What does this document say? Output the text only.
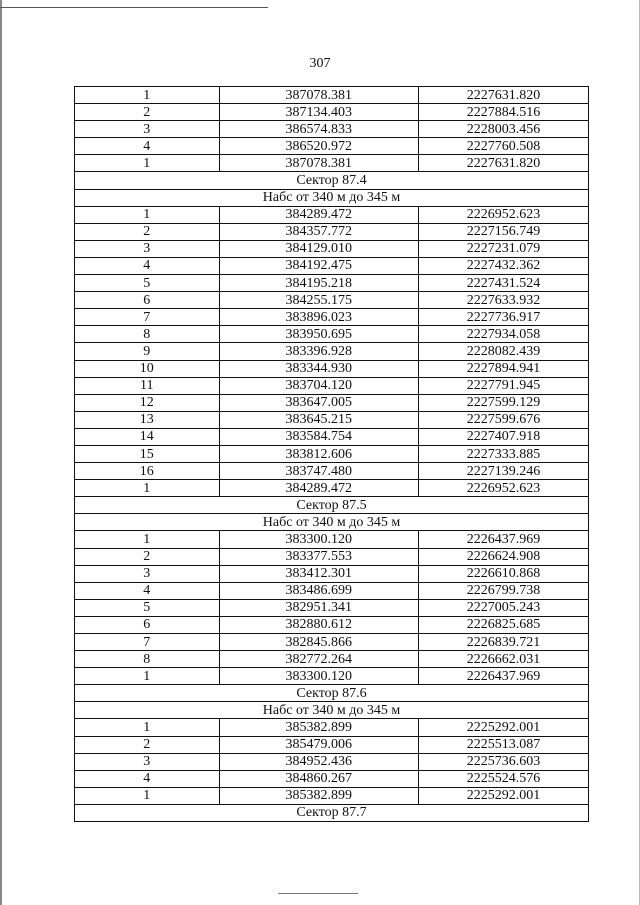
307
1	387078.381	2227631.820
2	387134.403	2227884.516
3	386574.833	2228003.456
4	386520.972	2227760.508
1	387078.381	2227631.820
Сектор 87.4		
Набс от 340 м до 345 м		
1	384289.472	2226952.623
2	384357.772	2227156.749
3	384129.010	2227231.079
4	384192.475	2227432.362
5	384195.218	2227431.524
6	384255.175	2227633.932
7	383896.023	2227736.917
8	383950.695	2227934.058
9	383396.928	2228082.439
10	383344.930	2227894.941
11	383704.120	2227791.945
12	383647.005	2227599.129
13	383645.215	2227599.676
14	383584.754	2227407.918
15	383812.606	2227333.885
16	383747.480	2227139.246
1	384289.472	2226952.623
Сектор 87.5		
Набс от 340 м до 345 м		
1	383300.120	2226437.969
2	383377.553	2226624.908
3	383412.301	2226610.868
4	383486.699	2226799.738
5	382951.341	2227005.243
6	382880.612	2226825.685
7	382845.866	2226839.721
8	382772.264	2226662.031
1	383300.120	2226437.969
Сектор 87.6		
Набс от 340 м до 345 м		
1	385382.899	2225292.001
2	385479.006	2225513.087
3	384952.436	2225736.603
4	384860.267	2225524.576
1	385382.899	2225292.001
Сектор 87.7		
